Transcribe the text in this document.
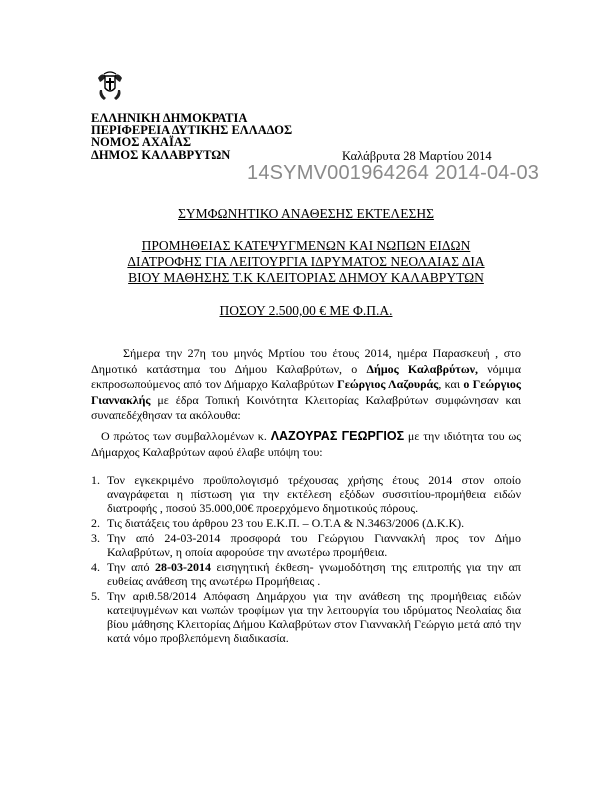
ΕΛΛΗΝΙΚΗ ΔΗΜΟΚΡΑΤΙΑ
ΠΕΡΙΦΕΡΕΙΑ ΔΥΤΙΚΗΣ ΕΛΛΑΔΟΣ
ΝΟΜΟΣ ΑΧΑΪΑΣ
ΔΗΜΟΣ ΚΑΛΑΒΡΥΤΩΝ	Καλάβρυτα 28 Μαρτίου 2014
14SYMV001964264 2014-04-03
ΣΥΜΦΩΝΗΤΙΚΟ ΑΝΑΘΕΣΗΣ ΕΚΤΕΛΕΣΗΣ
ΠΡΟΜΗΘΕΙΑΣ ΚΑΤΕΨΥΓΜΕΝΩΝ ΚΑΙ ΝΩΠΩΝ ΕΙΔΩΝ
ΔΙΑΤΡΟΦΗΣ ΓΙΑ ΛΕΙΤΟΥΡΓΙΑ ΙΔΡΥΜΑΤΟΣ ΝΕΟΛΑΙΑΣ ΔΙΑ
ΒΙΟΥ ΜΑΘΗΣΗΣ Τ.Κ ΚΛΕΙΤΟΡΙΑΣ ΔΗΜΟΥ ΚΑΛΑΒΡΥΤΩΝ
ΠΟΣΟΥ 2.500,00 € ΜΕ Φ.Π.Α.
Σήμερα την 27η του μηνός Μρτίου του έτους 2014, ημέρα Παρασκευή , στο Δημοτικό κατάστημα του Δήμου Καλαβρύτων, ο Δήμος Καλαβρύτων, νόμιμα εκπροσωπούμενος από τον Δήμαρχο Καλαβρύτων Γεώργιος Λαζουράς, και ο Γεώργιος Γιαννακλής με έδρα Τοπική Κοινότητα Κλειτορίας Καλαβρύτων συμφώνησαν και συναπεδέχθησαν τα ακόλουθα:
Ο πρώτος των συμβαλλομένων κ. ΛΑΖΟΥΡΑΣ ΓΕΩΡΓΙΟΣ με την ιδιότητα του ως Δήμαρχος Καλαβρύτων αφού έλαβε υπόψη του:
1. Τον εγκεκριμένο προϋπολογισμό τρέχουσας χρήσης έτους 2014 στον οποίο αναγράφεται η πίστωση για την εκτέλεση εξόδων συσσιτίου-προμήθεια ειδών διατροφής , ποσού 35.000,00€ προερχόμενο δημοτικούς πόρους.
2. Τις διατάξεις του άρθρου 23 του Ε.Κ.Π. – Ο.Τ.Α & Ν.3463/2006 (Δ.Κ.Κ).
3. Την από 24-03-2014 προσφορά του Γεώργιου Γιαννακλή προς τον Δήμο Καλαβρύτων, η οποία αφορούσε την ανωτέρω προμήθεια.
4. Την από 28-03-2014 εισηγητική έκθεση- γνωμοδότηση της επιτροπής για την απ ευθείας ανάθεση της ανωτέρω Προμήθειας .
5. Την αριθ.58/2014 Απόφαση Δημάρχου για την ανάθεση της προμήθειας ειδών κατεψυγμένων και νωπών τροφίμων για την λειτουργία του ιδρύματος Νεολαίας δια βίου μάθησης Κλειτορίας Δήμου Καλαβρύτων στον Γιαννακλή Γεώργιο μετά από την κατά νόμο προβλεπόμενη διαδικασία.
